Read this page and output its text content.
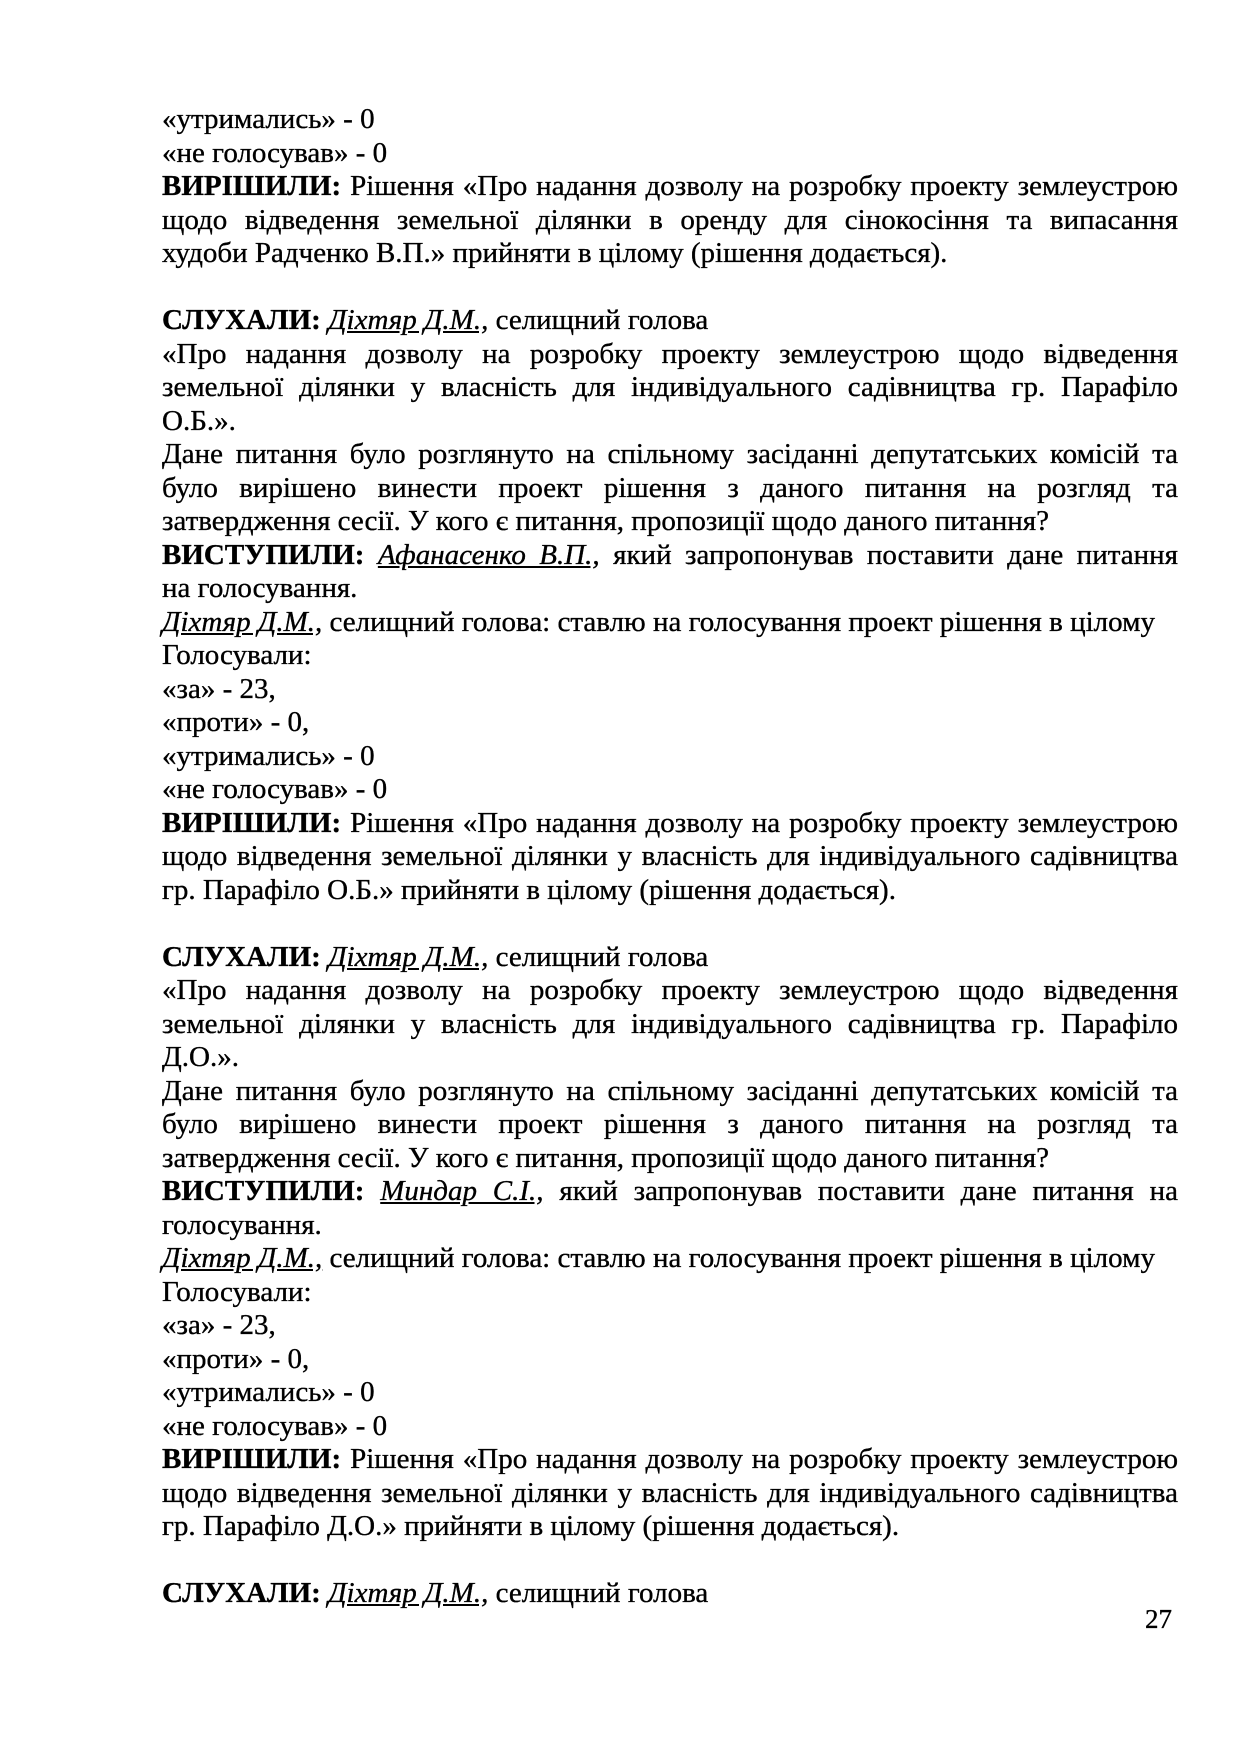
«утримались» - 0
«не голосував» - 0
ВИРІШИЛИ: Рішення «Про надання дозволу на розробку проекту землеустрою
щодо відведення земельної ділянки в оренду для сінокосіння та випасання
худоби Радченко В.П.» прийняти в цілому (рішення додається).
СЛУХАЛИ: Діхтяр Д.М., селищний голова
«Про надання дозволу на розробку проекту землеустрою щодо відведення
земельної ділянки у власність для індивідуального садівництва гр. Парафіло
О.Б.».
Дане питання було розглянуто на спільному засіданні депутатських комісій та
було вирішено винести проект рішення з даного питання на розгляд та
затвердження сесії. У кого є питання, пропозиції щодо даного питання?
ВИСТУПИЛИ: Афанасенко В.П., який запропонував поставити дане питання
на голосування.
Діхтяр Д.М., селищний голова: ставлю на голосування проект рішення в цілому
Голосували:
«за» - 23,
«проти» - 0,
«утримались» - 0
«не голосував» - 0
ВИРІШИЛИ: Рішення «Про надання дозволу на розробку проекту землеустрою
щодо відведення земельної ділянки у власність для індивідуального садівництва
гр. Парафіло О.Б.» прийняти в цілому (рішення додається).
СЛУХАЛИ: Діхтяр Д.М., селищний голова
«Про надання дозволу на розробку проекту землеустрою щодо відведення
земельної ділянки у власність для індивідуального садівництва гр. Парафіло
Д.О.».
Дане питання було розглянуто на спільному засіданні депутатських комісій та
було вирішено винести проект рішення з даного питання на розгляд та
затвердження сесії. У кого є питання, пропозиції щодо даного питання?
ВИСТУПИЛИ: Миндар С.І., який запропонував поставити дане питання на
голосування.
Діхтяр Д.М., селищний голова: ставлю на голосування проект рішення в цілому
Голосували:
«за» - 23,
«проти» - 0,
«утримались» - 0
«не голосував» - 0
ВИРІШИЛИ: Рішення «Про надання дозволу на розробку проекту землеустрою
щодо відведення земельної ділянки у власність для індивідуального садівництва
гр. Парафіло Д.О.» прийняти в цілому (рішення додається).
СЛУХАЛИ: Діхтяр Д.М., селищний голова
27
